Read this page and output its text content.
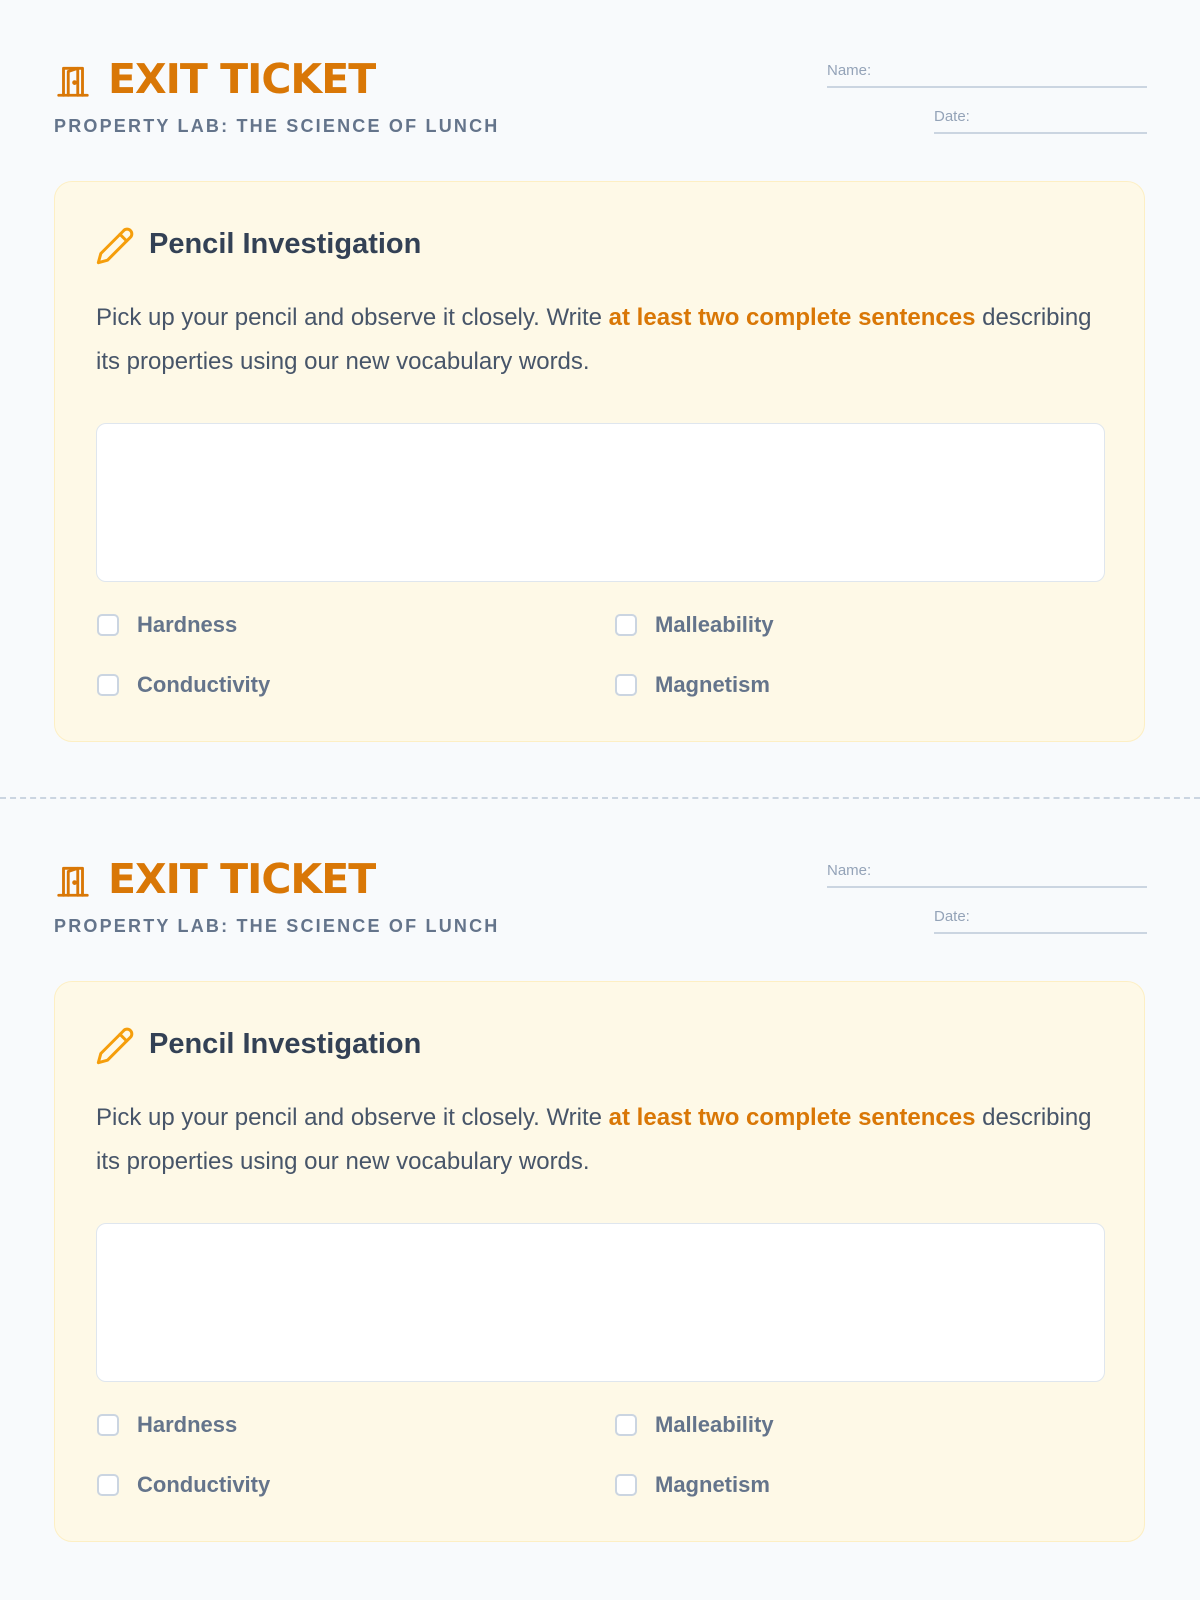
EXIT TICKET
PROPERTY LAB: THE SCIENCE OF LUNCH
Name:
Date:
Pencil Investigation
Pick up your pencil and observe it closely. Write at least two complete sentences describing its properties using our new vocabulary words.
Hardness	Malleability
Conductivity	Magnetism
EXIT TICKET
PROPERTY LAB: THE SCIENCE OF LUNCH
Name:
Date:
Pencil Investigation
Pick up your pencil and observe it closely. Write at least two complete sentences describing its properties using our new vocabulary words.
Hardness	Malleability
Conductivity	Magnetism
